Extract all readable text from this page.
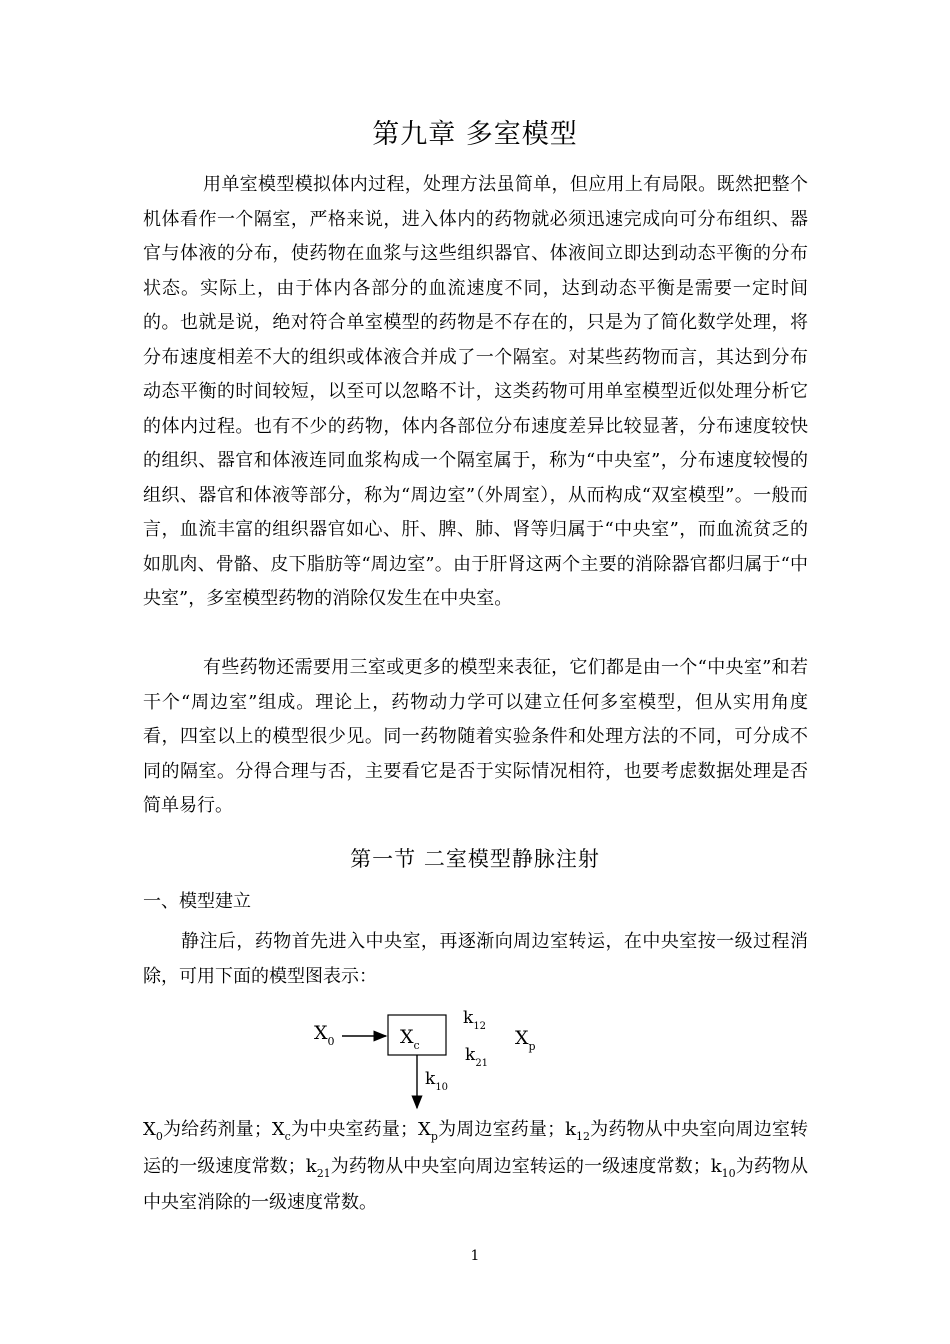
第九章 多室模型

用单室模型模拟体内过程，处理方法虽简单，但应用上有局限。既然把整个机体看作一个隔室，严格来说，进入体内的药物就必须迅速完成向可分布组织、器官与体液的分布，使药物在血浆与这些组织器官、体液间立即达到动态平衡的分布状态。实际上，由于体内各部分的血流速度不同，达到动态平衡是需要一定时间的。也就是说，绝对符合单室模型的药物是不存在的，只是为了简化数学处理，将分布速度相差不大的组织或体液合并成了一个隔室。对某些药物而言，其达到分布动态平衡的时间较短，以至可以忽略不计，这类药物可用单室模型近似处理分析它的体内过程。也有不少的药物，体内各部位分布速度差异比较显著，分布速度较快的组织、器官和体液连同血浆构成一个隔室属于，称为“中央室”，分布速度较慢的组织、器官和体液等部分，称为“周边室”（外周室），从而构成“双室模型”。一般而言，血流丰富的组织器官如心、肝、脾、肺、肾等归属于“中央室”，而血流贫乏的如肌肉、骨骼、皮下脂肪等“周边室”。由于肝肾这两个主要的消除器官都归属于“中央室”，多室模型药物的消除仅发生在中央室。

有些药物还需要用三室或更多的模型来表征，它们都是由一个“中央室”和若干个“周边室”组成。理论上，药物动力学可以建立任何多室模型，但从实用角度看，四室以上的模型很少见。同一药物随着实验条件和处理方法的不同，可分成不同的隔室。分得合理与否，主要看它是否于实际情况相符，也要考虑数据处理是否简单易行。

第一节 二室模型静脉注射
一、模型建立

静注后，药物首先进入中央室，再逐渐向周边室转运，在中央室按一级过程消除，可用下面的模型图表示：

$X_0$	$X_c$
$k_{12}$
$k_{21}$
$X_p$
$k_{10}$

$X_0$为给药剂量；$X_c$为中央室药量；$X_p$为周边室药量；$k_{12}$为药物从中央室向周边室转运的一级速度常数；$k_{21}$为药物从中央室向周边室转运的一级速度常数；$k_{10}$为药物从中央室消除的一级速度常数。

1
